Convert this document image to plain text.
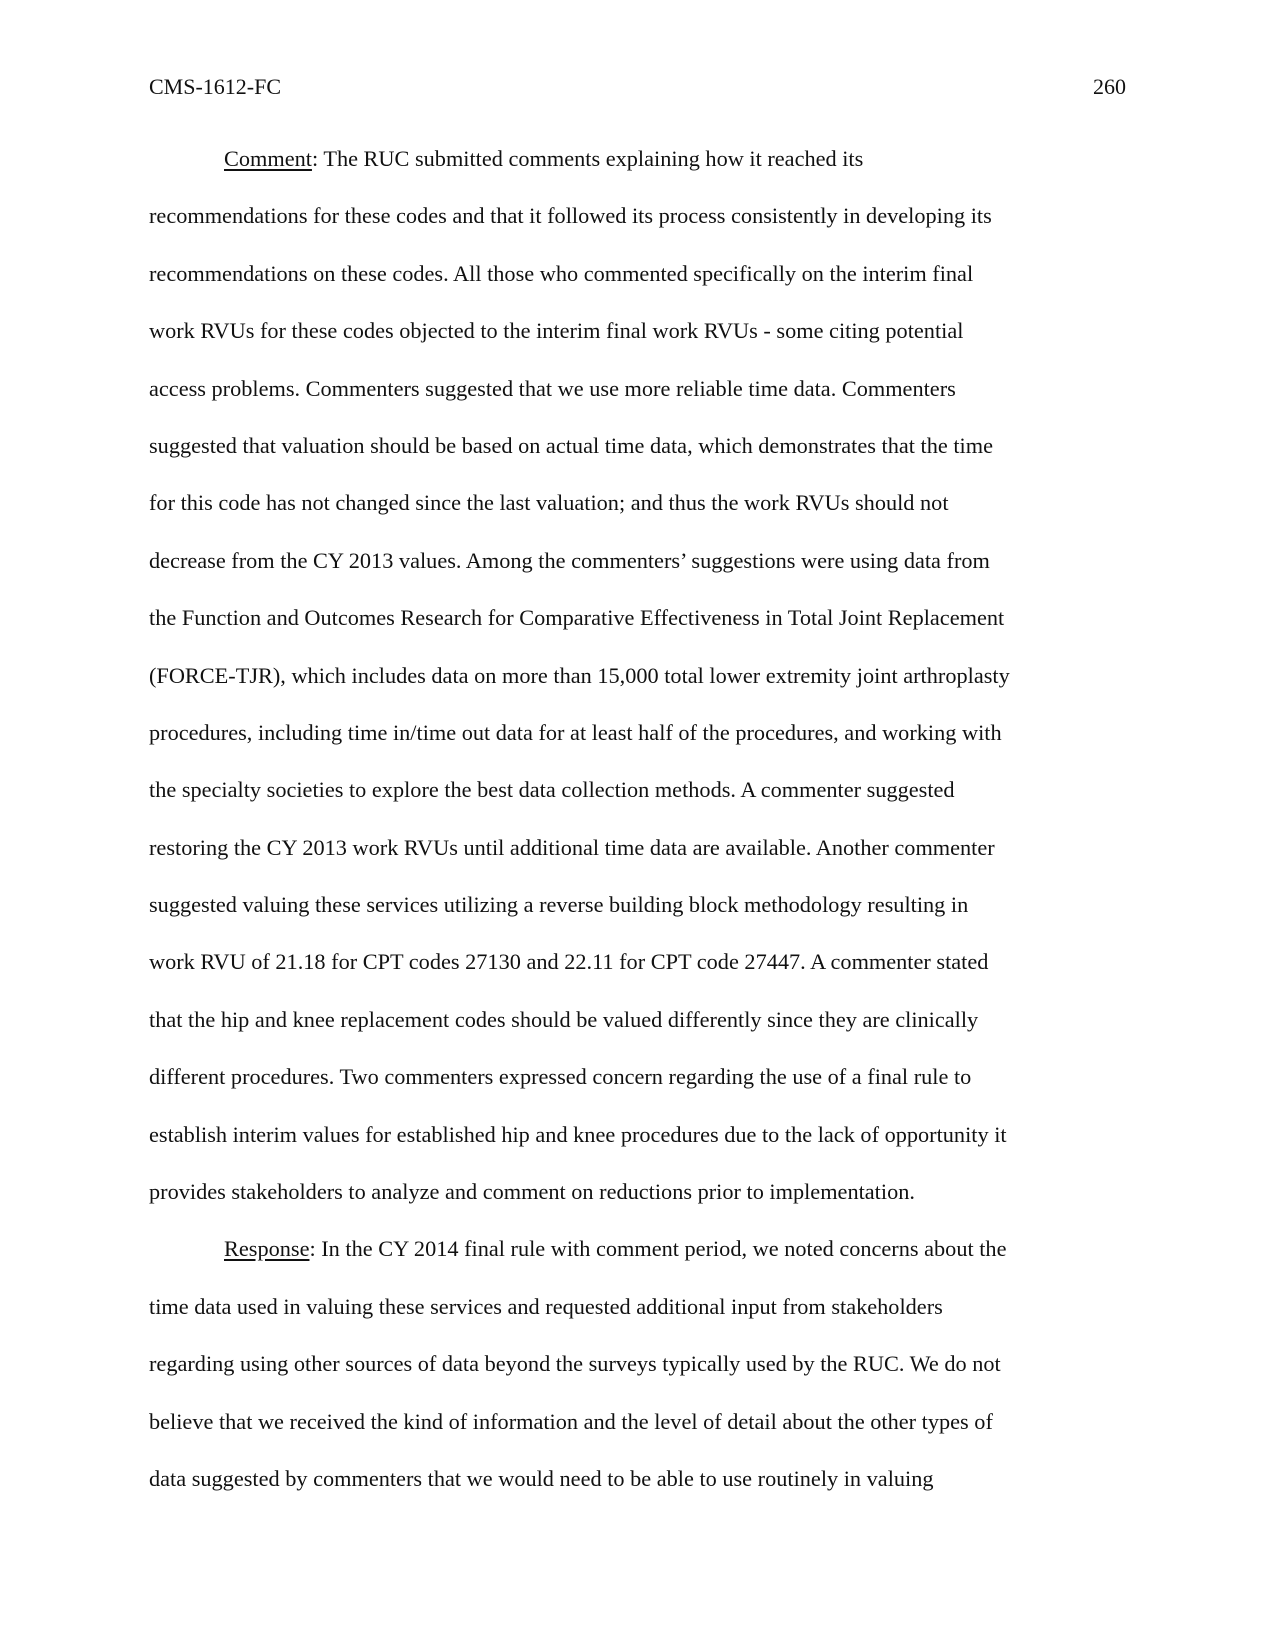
CMS-1612-FC	260
Comment: The RUC submitted comments explaining how it reached its
recommendations for these codes and that it followed its process consistently in developing its
recommendations on these codes. All those who commented specifically on the interim final
work RVUs for these codes objected to the interim final work RVUs - some citing potential
access problems. Commenters suggested that we use more reliable time data. Commenters
suggested that valuation should be based on actual time data, which demonstrates that the time
for this code has not changed since the last valuation; and thus the work RVUs should not
decrease from the CY 2013 values. Among the commenters’ suggestions were using data from
the Function and Outcomes Research for Comparative Effectiveness in Total Joint Replacement
(FORCE-TJR), which includes data on more than 15,000 total lower extremity joint arthroplasty
procedures, including time in/time out data for at least half of the procedures, and working with
the specialty societies to explore the best data collection methods. A commenter suggested
restoring the CY 2013 work RVUs until additional time data are available. Another commenter
suggested valuing these services utilizing a reverse building block methodology resulting in
work RVU of 21.18 for CPT codes 27130 and 22.11 for CPT code 27447. A commenter stated
that the hip and knee replacement codes should be valued differently since they are clinically
different procedures. Two commenters expressed concern regarding the use of a final rule to
establish interim values for established hip and knee procedures due to the lack of opportunity it
provides stakeholders to analyze and comment on reductions prior to implementation.
Response: In the CY 2014 final rule with comment period, we noted concerns about the
time data used in valuing these services and requested additional input from stakeholders
regarding using other sources of data beyond the surveys typically used by the RUC. We do not
believe that we received the kind of information and the level of detail about the other types of
data suggested by commenters that we would need to be able to use routinely in valuing
